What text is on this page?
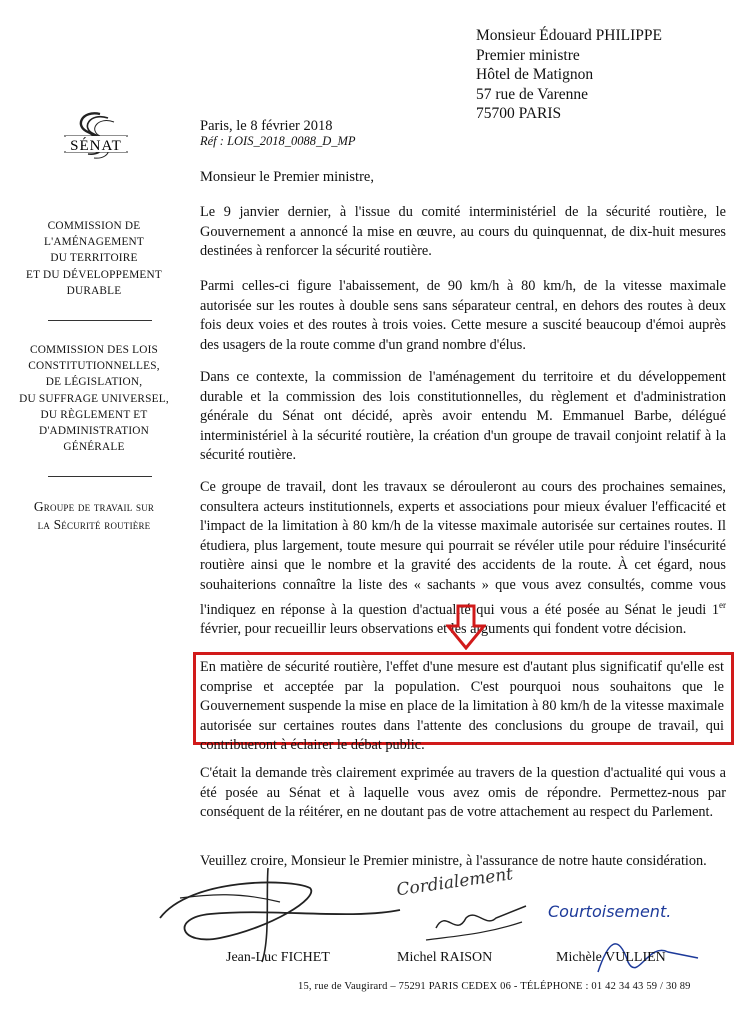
Monsieur Édouard PHILIPPE
Premier ministre
Hôtel de Matignon
57 rue de Varenne
75700 PARIS
SÉNAT
COMMISSION DE
L'AMÉNAGEMENT
DU TERRITOIRE
ET DU DÉVELOPPEMENT
DURABLE
COMMISSION DES LOIS
CONSTITUTIONNELLES,
DE LÉGISLATION,
DU SUFFRAGE UNIVERSEL,
DU RÈGLEMENT ET
D'ADMINISTRATION
GÉNÉRALE
Groupe de travail sur
la Sécurité routière
Paris, le 8 février 2018
Réf : LOIS_2018_0088_D_MP
Monsieur le Premier ministre,

Le 9 janvier dernier, à l'issue du comité interministériel de la sécurité routière, le Gouvernement a annoncé la mise en œuvre, au cours du quinquennat, de dix-huit mesures destinées à renforcer la sécurité routière.

Parmi celles-ci figure l'abaissement, de 90 km/h à 80 km/h, de la vitesse maximale autorisée sur les routes à double sens sans séparateur central, en dehors des routes à deux fois deux voies et des routes à trois voies. Cette mesure a suscité beaucoup d'émoi auprès des usagers de la route comme d'un grand nombre d'élus.

Dans ce contexte, la commission de l'aménagement du territoire et du développement durable et la commission des lois constitutionnelles, du règlement et d'administration générale du Sénat ont décidé, après avoir entendu M. Emmanuel Barbe, délégué interministériel à la sécurité routière, la création d'un groupe de travail conjoint relatif à la sécurité routière.

Ce groupe de travail, dont les travaux se dérouleront au cours des prochaines semaines, consultera acteurs institutionnels, experts et associations pour mieux évaluer l'efficacité et l'impact de la limitation à 80 km/h de la vitesse maximale autorisée sur certaines routes. Il étudiera, plus largement, toute mesure qui pourrait se révéler utile pour réduire l'insécurité routière ainsi que le nombre et la gravité des accidents de la route. À cet égard, nous souhaiterions connaître la liste des « sachants » que vous avez consultés, comme vous l'indiquez en réponse à la question d'actualité qui vous a été posée au Sénat le jeudi 1er février, pour recueillir leurs observations et les arguments qui fondent votre décision.

En matière de sécurité routière, l'effet d'une mesure est d'autant plus significatif qu'elle est comprise et acceptée par la population. C'est pourquoi nous souhaitons que le Gouvernement suspende la mise en place de la limitation à 80 km/h de la vitesse maximale autorisée sur certaines routes dans l'attente des conclusions du groupe de travail, qui contribueront à éclairer le débat public.

C'était la demande très clairement exprimée au travers de la question d'actualité qui vous a été posée au Sénat et à laquelle vous avez omis de répondre. Permettez-nous par conséquent de la réitérer, en ne doutant pas de votre attachement au respect du Parlement.

Veuillez croire, Monsieur le Premier ministre, à l'assurance de notre haute considération.

Cordialement
Courtoisement.
Jean-Luc FICHET	Michel RAISON	Michèle VULLIEN
15, rue de Vaugirard – 75291 PARIS CEDEX 06 - TÉLÉPHONE : 01 42 34 43 59 / 30 89
